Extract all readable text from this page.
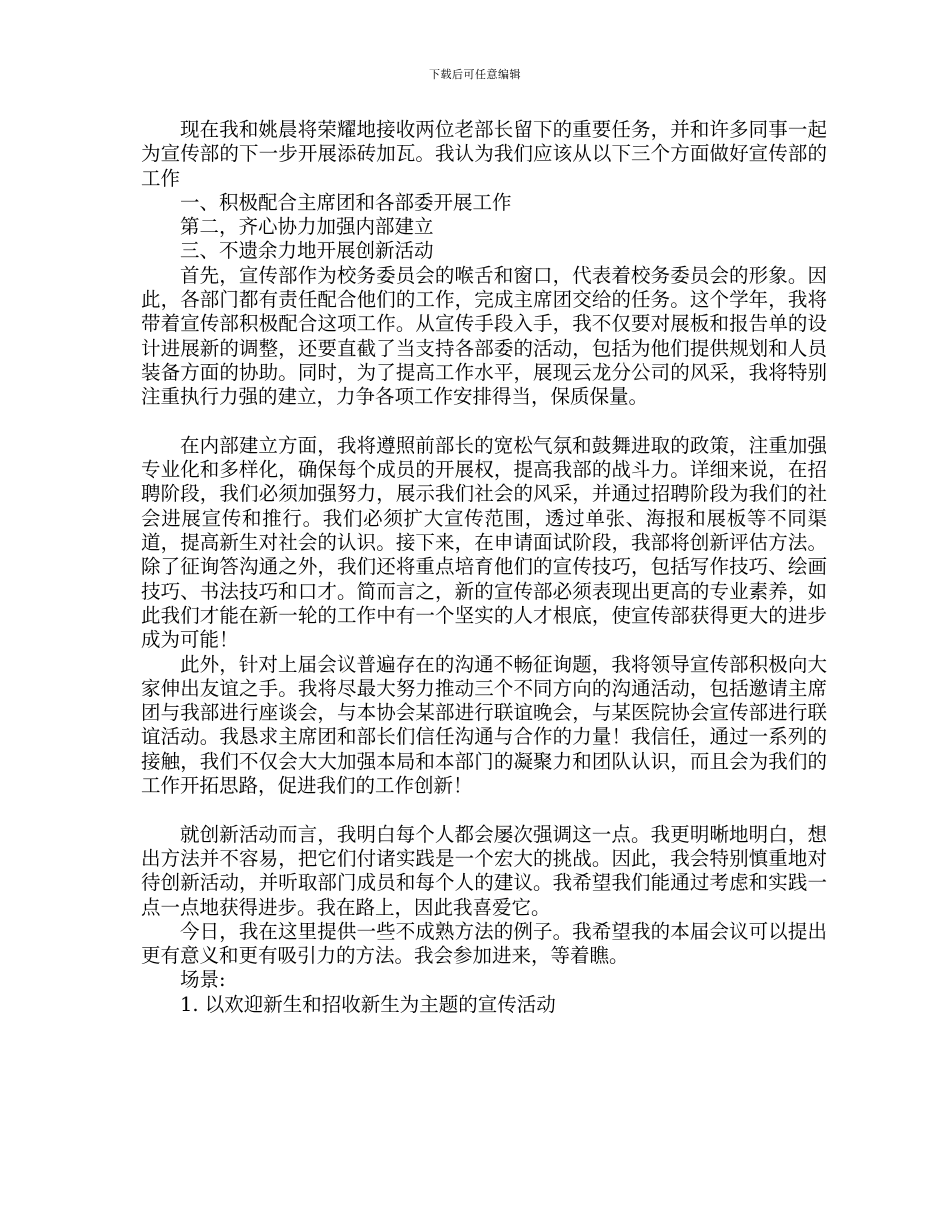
下载后可任意编辑

现在我和姚晨将荣耀地接收两位老部长留下的重要任务，并和许多同事一起为宣传部的下一步开展添砖加瓦。我认为我们应该从以下三个方面做好宣传部的工作

一、积极配合主席团和各部委开展工作

第二，齐心协力加强内部建立

三、不遗余力地开展创新活动

首先，宣传部作为校务委员会的喉舌和窗口，代表着校务委员会的形象。因此，各部门都有责任配合他们的工作，完成主席团交给的任务。这个学年，我将带着宣传部积极配合这项工作。从宣传手段入手，我不仅要对展板和报告单的设计进展新的调整，还要直截了当支持各部委的活动，包括为他们提供规划和人员装备方面的协助。同时，为了提高工作水平，展现云龙分公司的风采，我将特别注重执行力强的建立，力争各项工作安排得当，保质保量。

在内部建立方面，我将遵照前部长的宽松气氛和鼓舞进取的政策，注重加强专业化和多样化，确保每个成员的开展权，提高我部的战斗力。详细来说，在招聘阶段，我们必须加强努力，展示我们社会的风采，并通过招聘阶段为我们的社会进展宣传和推行。我们必须扩大宣传范围，透过单张、海报和展板等不同渠道，提高新生对社会的认识。接下来，在申请面试阶段，我部将创新评估方法。除了征询答沟通之外，我们还将重点培育他们的宣传技巧，包括写作技巧、绘画技巧、书法技巧和口才。简而言之，新的宣传部必须表现出更高的专业素养，如此我们才能在新一轮的工作中有一个坚实的人才根底，使宣传部获得更大的进步成为可能！

此外，针对上届会议普遍存在的沟通不畅征询题，我将领导宣传部积极向大家伸出友谊之手。我将尽最大努力推动三个不同方向的沟通活动，包括邀请主席团与我部进行座谈会，与本协会某部进行联谊晚会，与某医院协会宣传部进行联谊活动。我恳求主席团和部长们信任沟通与合作的力量！我信任，通过一系列的接触，我们不仅会大大加强本局和本部门的凝聚力和团队认识，而且会为我们的工作开拓思路，促进我们的工作创新！

就创新活动而言，我明白每个人都会屡次强调这一点。我更明晰地明白，想出方法并不容易，把它们付诸实践是一个宏大的挑战。因此，我会特别慎重地对待创新活动，并听取部门成员和每个人的建议。我希望我们能通过考虑和实践一点一点地获得进步。我在路上，因此我喜爱它。

今日，我在这里提供一些不成熟方法的例子。我希望我的本届会议可以提出更有意义和更有吸引力的方法。我会参加进来，等着瞧。

场景:

1. 以欢迎新生和招收新生为主题的宣传活动
